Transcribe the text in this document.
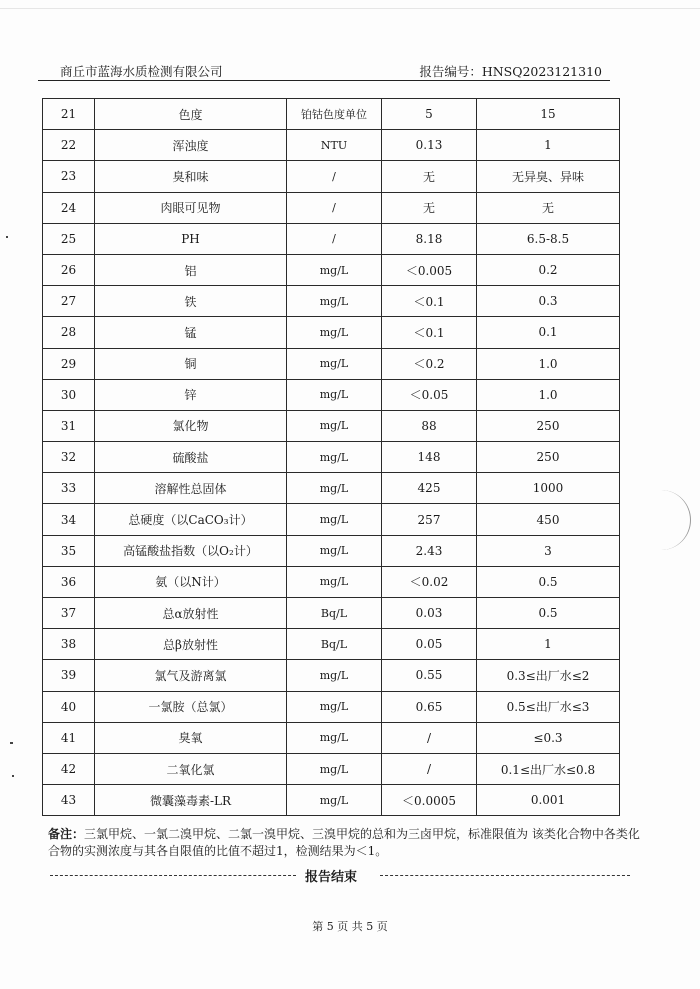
商丘市蓝海水质检测有限公司	报告编号：HNSQ2023121310
21	色度	铂钴色度单位	5	15
22	浑浊度	NTU	0.13	1
23	臭和味	/	无	无异臭、异味
24	肉眼可见物	/	无	无
25	PH	/	8.18	6.5-8.5
26	铝	mg/L	＜0.005	0.2
27	铁	mg/L	＜0.1	0.3
28	锰	mg/L	＜0.1	0.1
29	铜	mg/L	＜0.2	1.0
30	锌	mg/L	＜0.05	1.0
31	氯化物	mg/L	88	250
32	硫酸盐	mg/L	148	250
33	溶解性总固体	mg/L	425	1000
34	总硬度（以CaCO₃计）	mg/L	257	450
35	高锰酸盐指数（以O₂计）	mg/L	2.43	3
36	氨（以N计）	mg/L	＜0.02	0.5
37	总α放射性	Bq/L	0.03	0.5
38	总β放射性	Bq/L	0.05	1
39	氯气及游离氯	mg/L	0.55	0.3≤出厂水≤2
40	一氯胺（总氯）	mg/L	0.65	0.5≤出厂水≤3
41	臭氧	mg/L	/	≤0.3
42	二氧化氯	mg/L	/	0.1≤出厂水≤0.8
43	微囊藻毒素-LR	mg/L	＜0.0005	0.001
备注：三氯甲烷、一氯二溴甲烷、二氯一溴甲烷、三溴甲烷的总和为三卤甲烷，标准限值为 该类化合物中各类化合物的实测浓度与其各自限值的比值不超过1，检测结果为＜1。
报告结束
第 5 页 共 5 页
